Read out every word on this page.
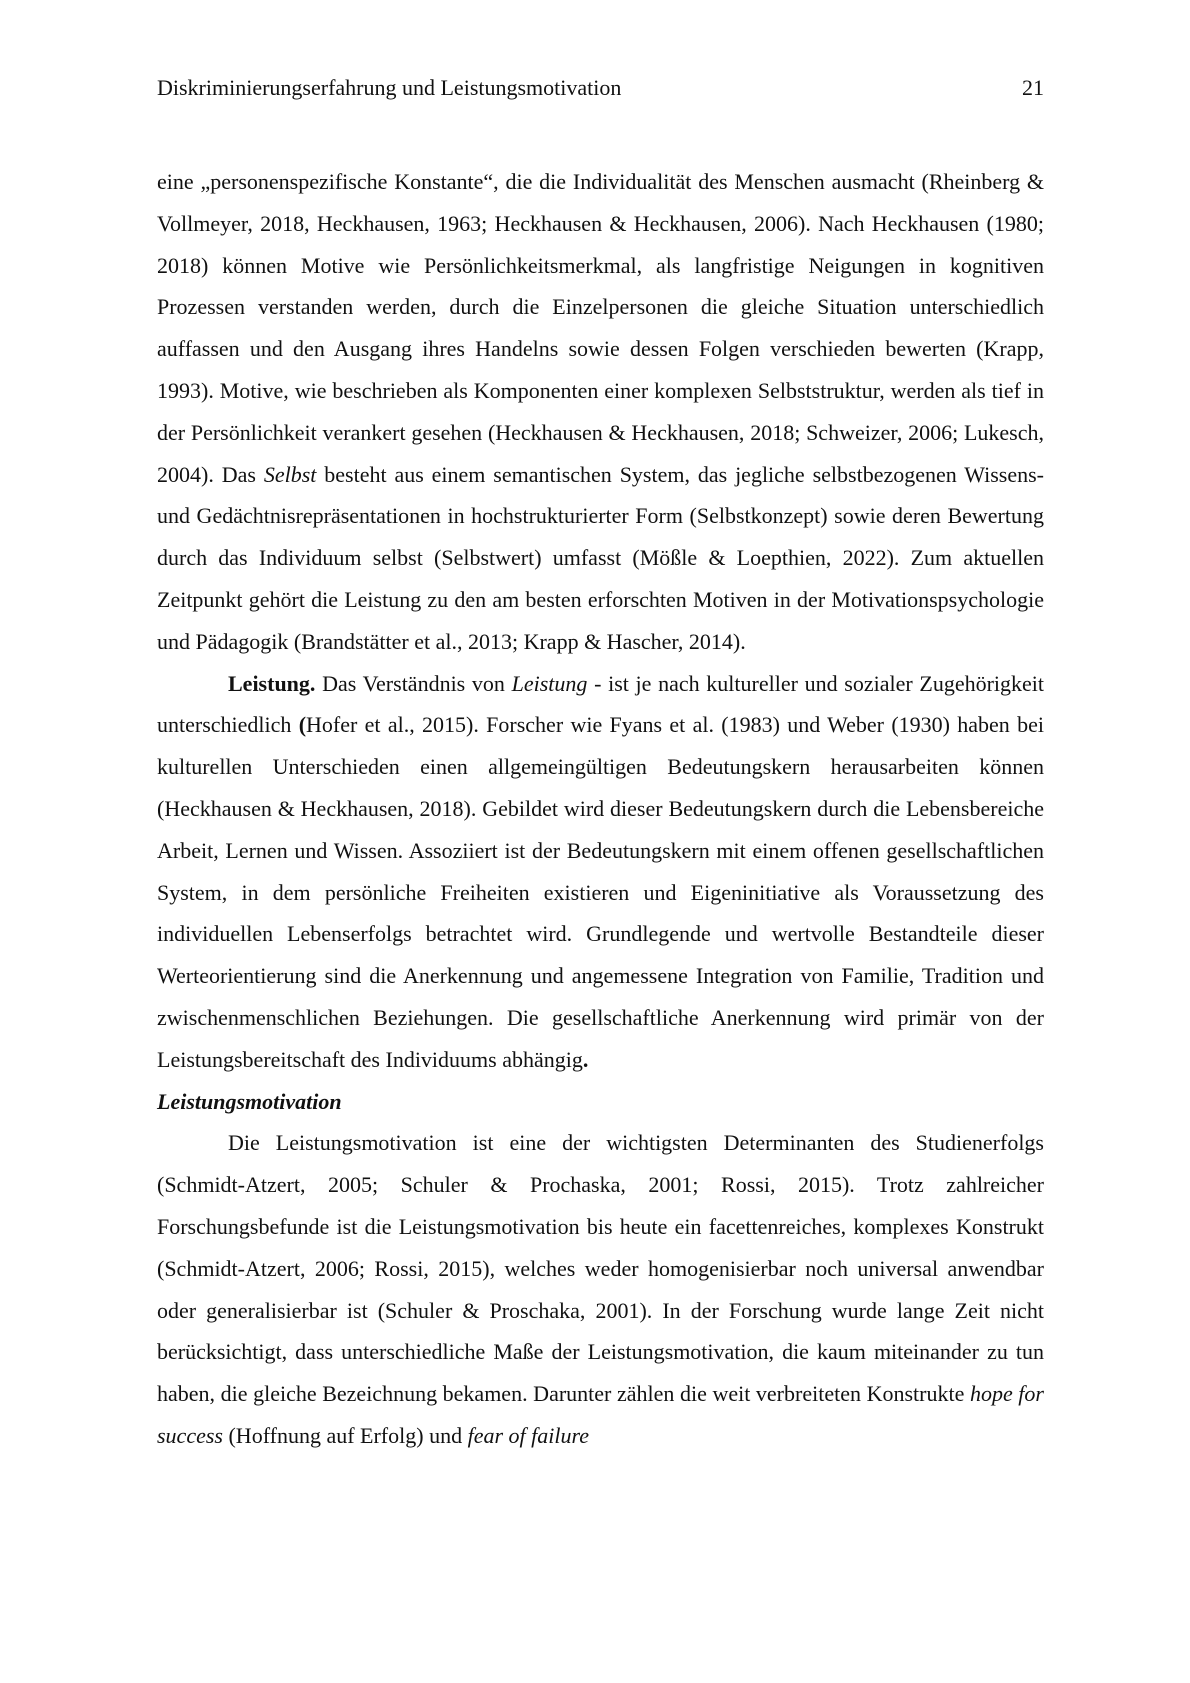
Diskriminierungserfahrung und Leistungsmotivation	21

eine „personenspezifische Konstante“, die die Individualität des Menschen ausmacht (Rheinberg & Vollmeyer, 2018, Heckhausen, 1963; Heckhausen & Heckhausen, 2006). Nach Heckhausen (1980; 2018) können Motive wie Persönlichkeitsmerkmal, als langfristige Neigungen in kognitiven Prozessen verstanden werden, durch die Einzelpersonen die gleiche Situation unterschiedlich auffassen und den Ausgang ihres Handelns sowie dessen Folgen verschieden bewerten (Krapp, 1993). Motive, wie beschrieben als Komponenten einer komplexen Selbststruktur, werden als tief in der Persönlichkeit verankert gesehen (Heckhausen & Heckhausen, 2018; Schweizer, 2006; Lukesch, 2004). Das Selbst besteht aus einem semantischen System, das jegliche selbstbezogenen Wissens- und Gedächtnisrepräsentationen in hochstrukturierter Form (Selbstkonzept) sowie deren Bewertung durch das Individuum selbst (Selbstwert) umfasst (Mößle & Loepthien, 2022). Zum aktuellen Zeitpunkt gehört die Leistung zu den am besten erforschten Motiven in der Motivationspsychologie und Pädagogik (Brandstätter et al., 2013; Krapp & Hascher, 2014).

Leistung. Das Verständnis von Leistung - ist je nach kultureller und sozialer Zugehörigkeit unterschiedlich (Hofer et al., 2015). Forscher wie Fyans et al. (1983) und Weber (1930) haben bei kulturellen Unterschieden einen allgemeingültigen Bedeutungskern herausarbeiten können (Heckhausen & Heckhausen, 2018). Gebildet wird dieser Bedeutungskern durch die Lebensbereiche Arbeit, Lernen und Wissen. Assoziiert ist der Bedeutungskern mit einem offenen gesellschaftlichen System, in dem persönliche Freiheiten existieren und Eigeninitiative als Voraussetzung des individuellen Lebenserfolgs betrachtet wird. Grundlegende und wertvolle Bestandteile dieser Werteorientierung sind die Anerkennung und angemessene Integration von Familie, Tradition und zwischenmenschlichen Beziehungen. Die gesellschaftliche Anerkennung wird primär von der Leistungsbereitschaft des Individuums abhängig.

Leistungsmotivation

Die Leistungsmotivation ist eine der wichtigsten Determinanten des Studienerfolgs (Schmidt-Atzert, 2005; Schuler & Prochaska, 2001; Rossi, 2015). Trotz zahlreicher Forschungsbefunde ist die Leistungsmotivation bis heute ein facettenreiches, komplexes Konstrukt (Schmidt-Atzert, 2006; Rossi, 2015), welches weder homogenisierbar noch universal anwendbar oder generalisierbar ist (Schuler & Proschaka, 2001). In der Forschung wurde lange Zeit nicht berücksichtigt, dass unterschiedliche Maße der Leistungsmotivation, die kaum miteinander zu tun haben, die gleiche Bezeichnung bekamen. Darunter zählen die weit verbreiteten Konstrukte hope for success (Hoffnung auf Erfolg) und fear of failure
